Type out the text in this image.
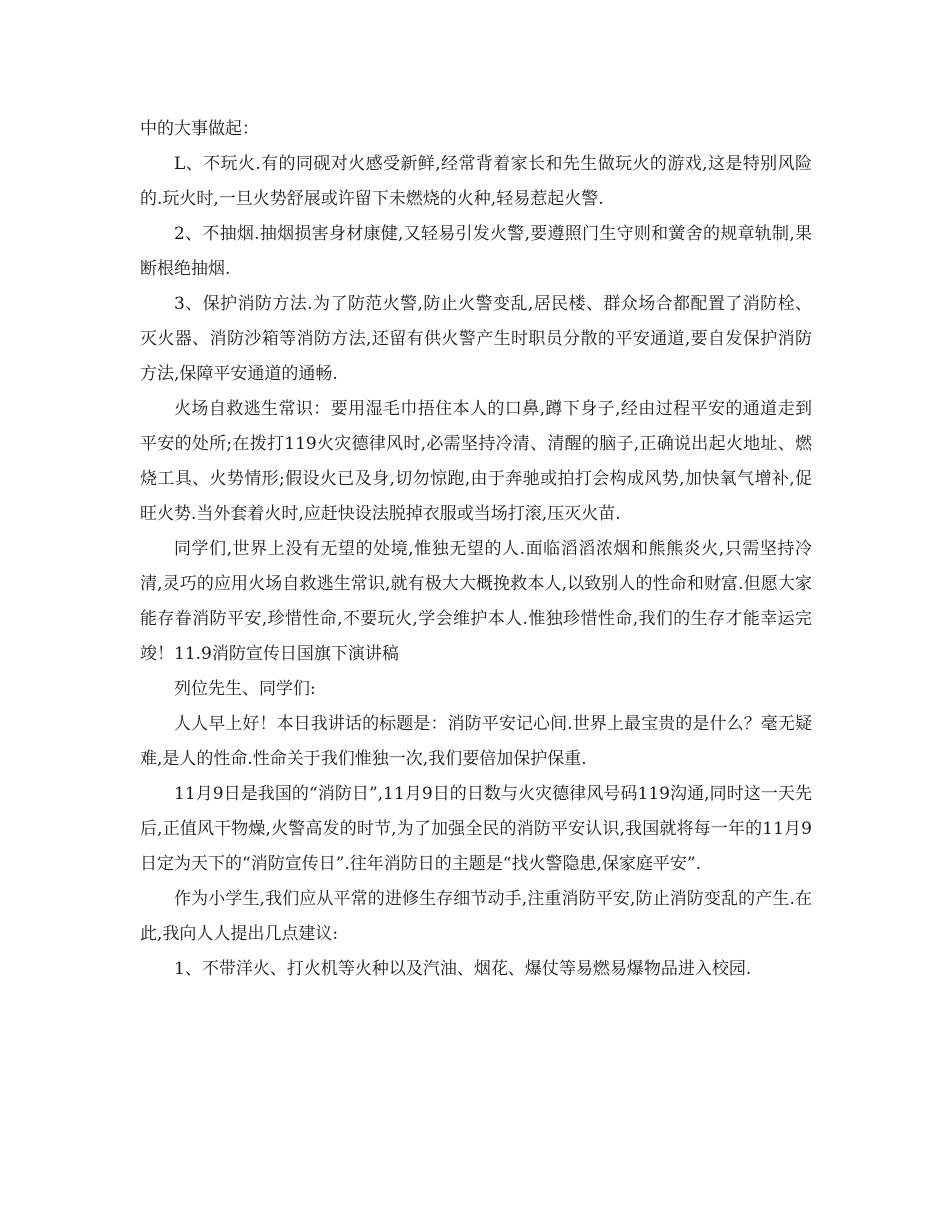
中的大事做起：

L、不玩火.有的同砚对火感受新鲜,经常背着家长和先生做玩火的游戏,这是特别风险的.玩火时,一旦火势舒展或许留下未燃烧的火种,轻易惹起火警.

2、不抽烟.抽烟损害身材康健,又轻易引发火警,要遵照门生守则和黉舍的规章轨制,果断根绝抽烟.

3、保护消防方法.为了防范火警,防止火警变乱,居民楼、群众场合都配置了消防栓、灭火器、消防沙箱等消防方法,还留有供火警产生时职员分散的平安通道,要自发保护消防方法,保障平安通道的通畅.

火场自救逃生常识：要用湿毛巾捂住本人的口鼻,蹲下身子,经由过程平安的通道走到平安的处所;在拨打119火灾德律风时,必需坚持冷清、清醒的脑子,正确说出起火地址、燃烧工具、火势情形;假设火已及身,切勿惊跑,由于奔驰或拍打会构成风势,加快氧气增补,促旺火势.当外套着火时,应赶快设法脱掉衣服或当场打滚,压灭火苗.

同学们,世界上没有无望的处境,惟独无望的人.面临滔滔浓烟和熊熊炎火,只需坚持冷清,灵巧的应用火场自救逃生常识,就有极大大概挽救本人,以致别人的性命和财富.但愿大家能存眷消防平安,珍惜性命,不要玩火,学会维护本人.惟独珍惜性命,我们的生存才能幸运完竣！11.9消防宣传日国旗下演讲稿

列位先生、同学们:

人人早上好！本日我讲话的标题是：消防平安记心间.世界上最宝贵的是什么？毫无疑难,是人的性命.性命关于我们惟独一次,我们要倍加保护保重.

11月9日是我国的“消防日”,11月9日的日数与火灾德律风号码119沟通,同时这一天先后,正值风干物燥,火警高发的时节,为了加强全民的消防平安认识,我国就将每一年的11月9日定为天下的“消防宣传日”.往年消防日的主题是“找火警隐患,保家庭平安”.

作为小学生,我们应从平常的进修生存细节动手,注重消防平安,防止消防变乱的产生.在此,我向人人提出几点建议:

1、不带洋火、打火机等火种以及汽油、烟花、爆仗等易燃易爆物品进入校园.
